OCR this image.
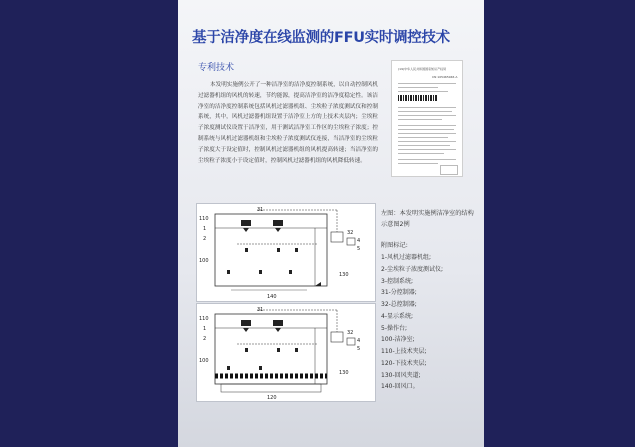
基于洁净度在线监测的FFU实时调控技术
专利技术
本发明实施例公开了一种洁净室的洁净度控制系统，以自动控制风机过滤器机组的风机的转速，节约能源，提高洁净室的洁净度稳定性。该洁净室的洁净度控制系统包括风机过滤器机组、尘埃粒子浓度测试仪和控制系统，其中，风机过滤器机组设置于洁净室上方的上技术夹层内；尘埃粒子浓度测试仪设置于洁净室，用于测试洁净室工作区的尘埃粒子浓度；控制系统与风机过滤器机组和尘埃粒子浓度测试仪连接，当洁净室的尘埃粒子浓度大于设定值时，控制风机过滤器机组的风机提高转速；当洁净室的尘埃粒子浓度小于设定值时，控制风机过滤器机组的风机降低转速。
(19)中华人民共和国国家知识产权局
CN 105465946 A
31
110
1
2
100
32
4
5
130
140
31
110
1
2
100
32
4
5
130
120
左图：本发明实施例洁净室的结构示意图2例
附图标记:
1-风机过滤器机组;
2-尘埃粒子浓度测试仪;
3-控制系统;
31-分控制器;
32-总控制器;
4-显示系统;
5-操作台;
100-洁净室;
110-上技术夹层;
120-下技术夹层;
130-回风夹道;
140-回风口。
